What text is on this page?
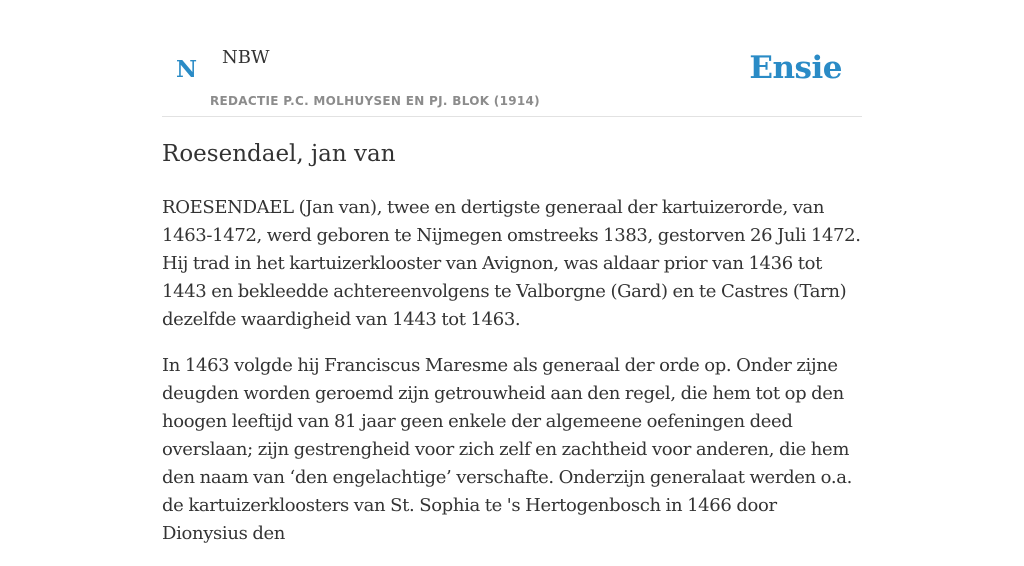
N NBW
REDACTIE P.C. MOLHUYSEN EN PJ. BLOK (1914)
Ensie
Roesendael, jan van

ROESENDAEL (Jan van), twee en dertigste generaal der kartuizerorde, van 1463-1472, werd geboren te Nijmegen omstreeks 1383, gestorven 26 Juli 1472. Hij trad in het kartuizerklooster van Avignon, was aldaar prior van 1436 tot 1443 en bekleedde achtereenvolgens te Valborgne (Gard) en te Castres (Tarn) dezelfde waardigheid van 1443 tot 1463.

In 1463 volgde hij Franciscus Maresme als generaal der orde op. Onder zijne deugden worden geroemd zijn getrouwheid aan den regel, die hem tot op den hoogen leeftijd van 81 jaar geen enkele der algemeene oefeningen deed overslaan; zijn gestrengheid voor zich zelf en zachtheid voor anderen, die hem den naam van ‘den engelachtige’ verschafte. Onderzijn generalaat werden o.a. de kartuizerkloosters van St. Sophia te 's Hertogenbosch in 1466 door Dionysius den
